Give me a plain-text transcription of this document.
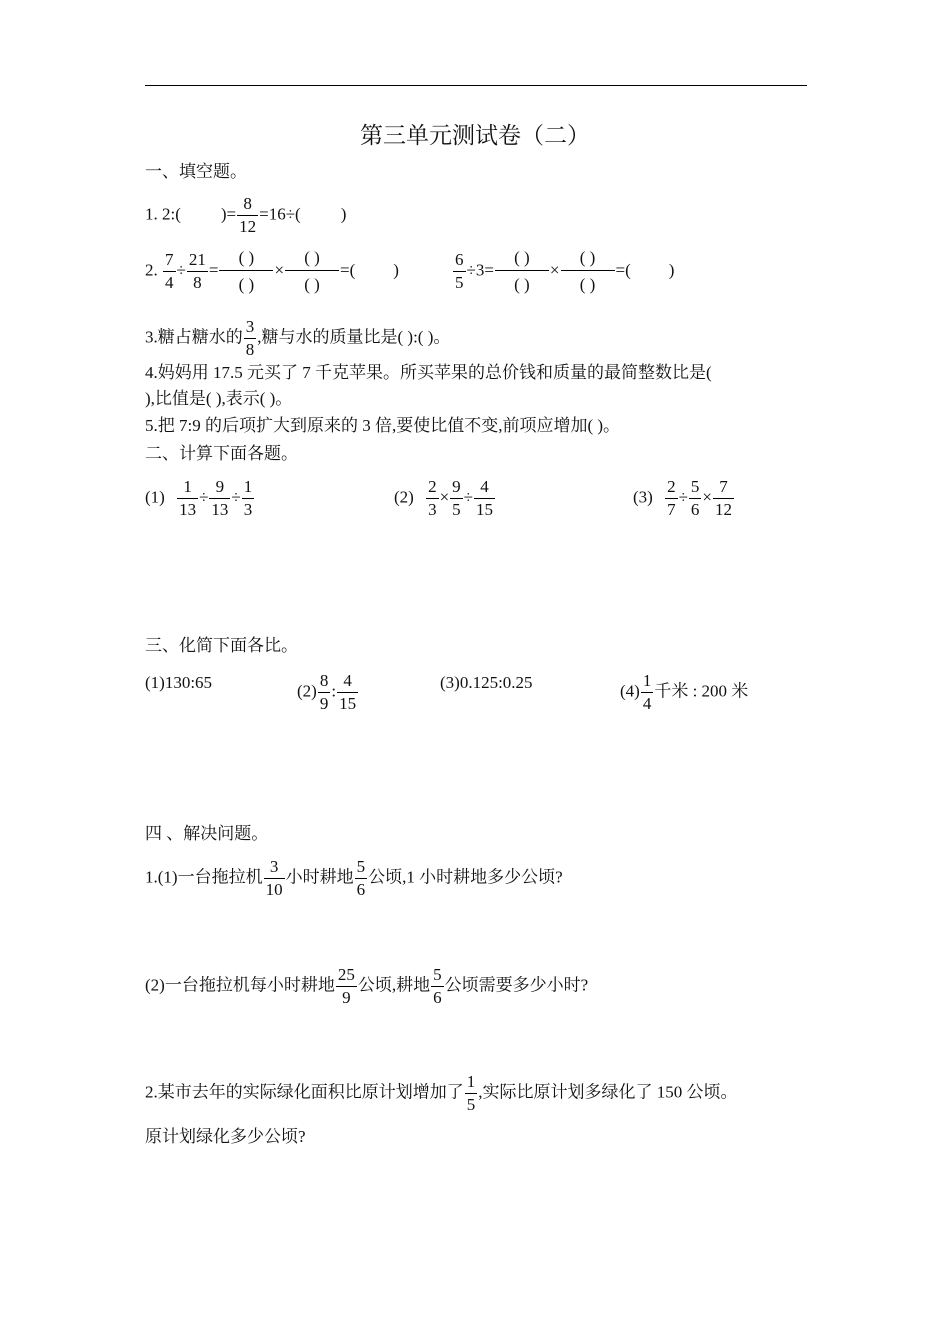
第三单元测试卷（二）
一、填空题。
1. 2:( )= $\frac{8}{12} =16\div$( )
2. $\frac{7}{4} \div \frac{21}{8} = \frac{( )}{( )} \times \frac{( )}{( )}$ =( )	$\frac{6}{5} \div 3= \frac{( )}{( )} \times \frac{( )}{( )}$ =( )
3.糖占糖水的 $\frac{3}{8}$ ,糖与水的质量比是( ):( )。
4.妈妈用 17.5 元买了 7 千克苹果。所买苹果的总价钱和质量的最简整数比是(
),比值是( ),表示( )。
5.把 7:9 的后项扩大到原来的 3 倍,要使比值不变,前项应增加( )。
二、计算下面各题。
$(1) \frac{1}{13} \div \frac{9}{13} \div \frac{1}{3}$	$(2) \frac{2}{3} \times \frac{9}{5} \div \frac{4}{15}$	$(3) \frac{2}{7} \div \frac{5}{6} \times \frac{7}{12}$
三、化简下面各比。
(1)130:65	$(2) \frac{8}{9}$ : $\frac{4}{15}$	(3)0.125:0.25	$(4) \frac{1}{4}$ 千米 : 200 米
四 、解决问题。
1.(1)一台拖拉机 $\frac{3}{10}$ 小时耕地 $\frac{5}{6}$ 公顷,1 小时耕地多少公顷?
(2)一台拖拉机每小时耕地 $\frac{25}{9}$ 公顷,耕地 $\frac{5}{6}$ 公顷需要多少小时?
2.某市去年的实际绿化面积比原计划增加了 $\frac{1}{5}$ ,实际比原计划多绿化了 150 公顷。
原计划绿化多少公顷?
